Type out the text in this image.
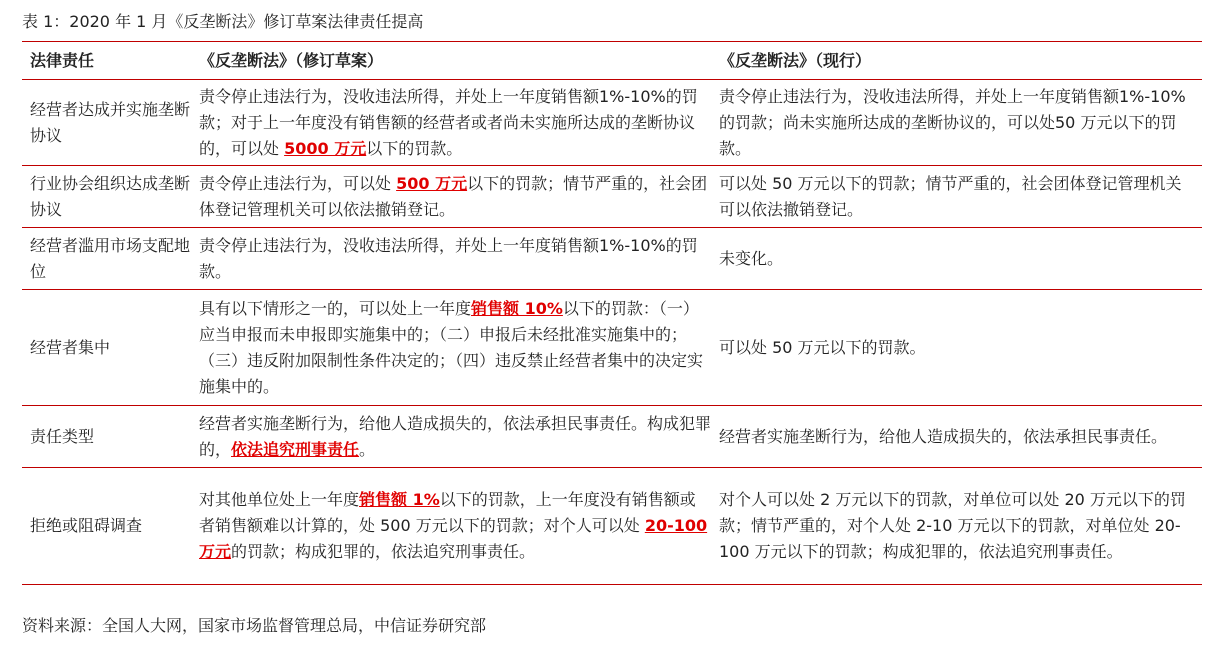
表 1：2020 年 1 月《反垄断法》修订草案法律责任提高
法律责任	《反垄断法》（修订草案）	《反垄断法》（现行）
经营者达成并实施垄断协议
责令停止违法行为，没收违法所得，并处上一年度销售额1%-10%的罚款；对于上一年度没有销售额的经营者或者尚未实施所达成的垄断协议的，可以处 5000 万元以下的罚款。
责令停止违法行为，没收违法所得，并处上一年度销售额1%-10%的罚款；尚未实施所达成的垄断协议的，可以处50 万元以下的罚款。
行业协会组织达成垄断协议
责令停止违法行为，可以处 500 万元以下的罚款；情节严重的，社会团体登记管理机关可以依法撤销登记。
可以处 50 万元以下的罚款；情节严重的，社会团体登记管理机关可以依法撤销登记。
经营者滥用市场支配地位
责令停止违法行为，没收违法所得，并处上一年度销售额1%-10%的罚款。
未变化。
经营者集中
具有以下情形之一的，可以处上一年度销售额 10%以下的罚款：（一）应当申报而未申报即实施集中的；（二）申报后未经批准实施集中的；（三）违反附加限制性条件决定的；（四）违反禁止经营者集中的决定实施集中的。
可以处 50 万元以下的罚款。
责任类型
经营者实施垄断行为，给他人造成损失的，依法承担民事责任。构成犯罪的，依法追究刑事责任。
经营者实施垄断行为，给他人造成损失的，依法承担民事责任。
拒绝或阻碍调查
对其他单位处上一年度销售额 1%以下的罚款，上一年度没有销售额或者销售额难以计算的，处 500 万元以下的罚款；对个人可以处 20-100 万元的罚款；构成犯罪的，依法追究刑事责任。
对个人可以处 2 万元以下的罚款，对单位可以处 20 万元以下的罚款；情节严重的，对个人处 2-10 万元以下的罚款，对单位处 20-100 万元以下的罚款；构成犯罪的，依法追究刑事责任。
资料来源：全国人大网，国家市场监督管理总局，中信证券研究部
